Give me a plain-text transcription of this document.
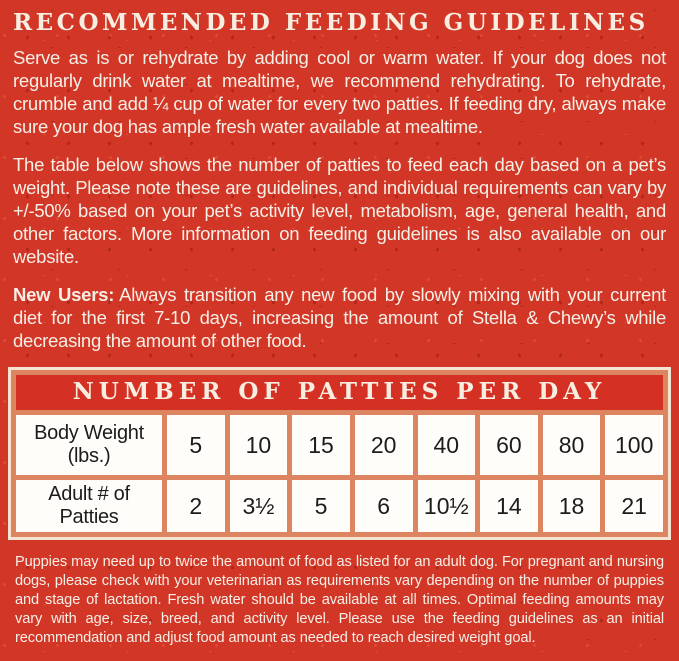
RECOMMENDED FEEDING GUIDELINES

Serve as is or rehydrate by adding cool or warm water. If your dog does not regularly drink water at mealtime, we recommend rehydrating. To rehydrate, crumble and add ¼ cup of water for every two patties. If feeding dry, always make sure your dog has ample fresh water available at mealtime.

The table below shows the number of patties to feed each day based on a pet’s weight. Please note these are guidelines, and individual requirements can vary by +/-50% based on your pet’s activity level, metabolism, age, general health, and other factors. More information on feeding guidelines is also available on our website.

New Users: Always transition any new food by slowly mixing with your current diet for the first 7-10 days, increasing the amount of Stella & Chewy’s while decreasing the amount of other food.

NUMBER OF PATTIES PER DAY
Body Weight
(lbs.)	5	10	15	20	40	60	80	100
Adult # of
Patties	2	3½	5	6	10½	14	18	21

Puppies may need up to twice the amount of food as listed for an adult dog. For pregnant and nursing dogs, please check with your veterinarian as requirements vary depending on the number of puppies and stage of lactation. Fresh water should be available at all times. Optimal feeding amounts may vary with age, size, breed, and activity level. Please use the feeding guidelines as an initial recommendation and adjust food amount as needed to reach desired weight goal.
